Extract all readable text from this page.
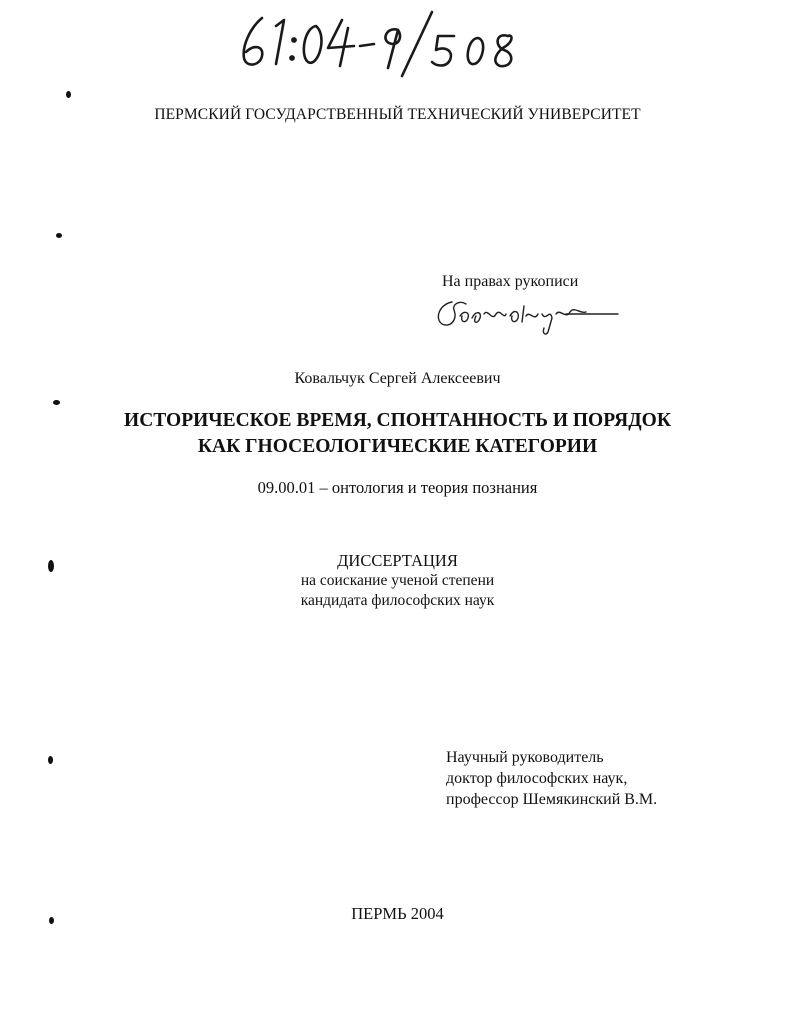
ПЕРМСКИЙ ГОСУДАРСТВЕННЫЙ ТЕХНИЧЕСКИЙ УНИВЕРСИТЕТ
На правах рукописи
Ковальчук Сергей Алексеевич
ИСТОРИЧЕСКОЕ ВРЕМЯ, СПОНТАННОСТЬ И ПОРЯДОК
КАК ГНОСЕОЛОГИЧЕСКИЕ КАТЕГОРИИ
09.00.01 – онтология и теория познания
ДИССЕРТАЦИЯ
на соискание ученой степени
кандидата философских наук
Научный руководитель
доктор философских наук,
профессор Шемякинский В.М.
ПЕРМЬ 2004
